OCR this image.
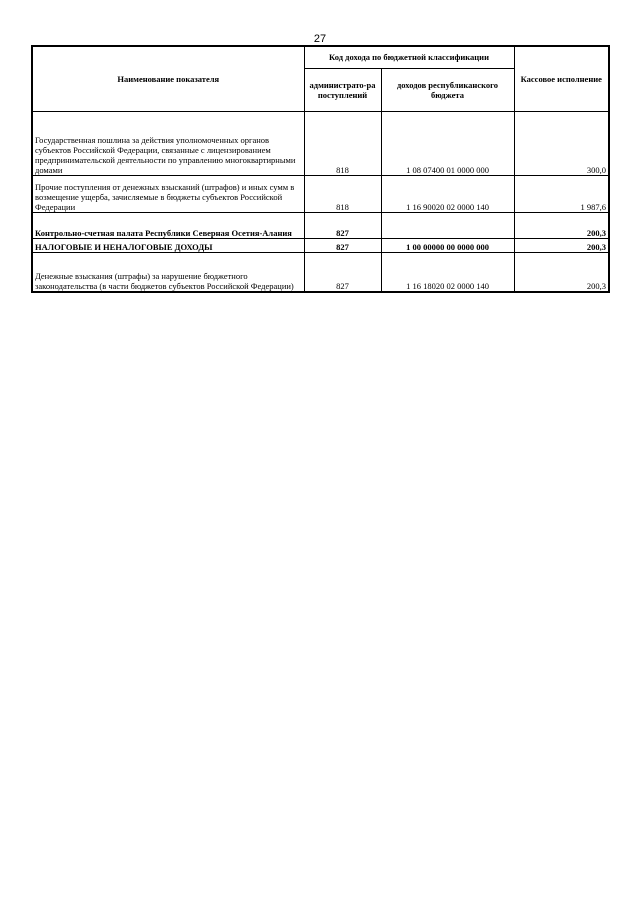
27
Наименование показателя	Код дохода по бюджетной классификации		Кассовое исполнение
	администрато-ра поступлений	доходов республиканского бюджета	
Государственная пошлина за действия уполномоченных органов субъектов Российской Федерации, связанные с лицензированием предпринимательской деятельности по управлению многоквартирными домами	818	1 08 07400 01 0000 000	300,0
Прочие поступления от денежных взысканий (штрафов) и иных сумм в возмещение ущерба, зачисляемые в бюджеты субъектов Российской Федерации	818	1 16 90020 02 0000 140	1 987,6
Контрольно-счетная палата Республики Северная Осетия-Алания	827		200,3
НАЛОГОВЫЕ И НЕНАЛОГОВЫЕ ДОХОДЫ	827	1 00 00000 00 0000 000	200,3
Денежные взыскания (штрафы) за нарушение бюджетного законодательства (в части бюджетов субъектов Российской Федерации)	827	1 16 18020 02 0000 140	200,3
